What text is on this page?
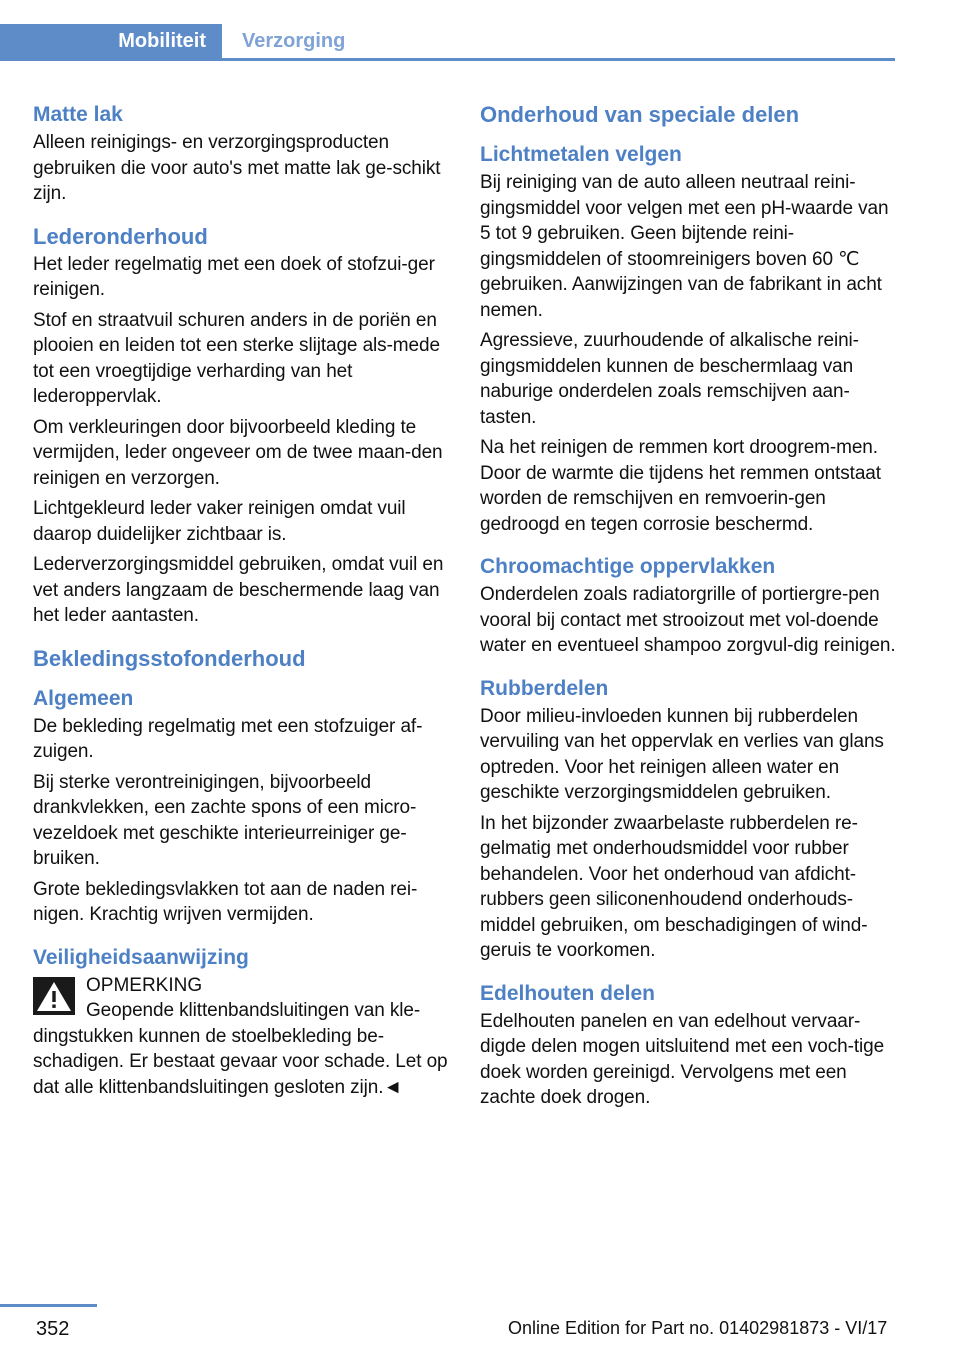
Mobiliteit	Verzorging
Matte lak

Alleen reinigings- en verzorgingsproducten gebruiken die voor auto's met matte lak ge-schikt zijn.

Lederonderhoud

Het leder regelmatig met een doek of stofzui-ger reinigen.

Stof en straatvuil schuren anders in de poriën en plooien en leiden tot een sterke slijtage als-mede tot een vroegtijdige verharding van het lederoppervlak.

Om verkleuringen door bijvoorbeeld kleding te vermijden, leder ongeveer om de twee maan-den reinigen en verzorgen.

Lichtgekleurd leder vaker reinigen omdat vuil daarop duidelijker zichtbaar is.

Lederverzorgingsmiddel gebruiken, omdat vuil en vet anders langzaam de beschermende laag van het leder aantasten.

Bekledingsstofonderhoud
Algemeen

De bekleding regelmatig met een stofzuiger af-zuigen.

Bij sterke verontreinigingen, bijvoorbeeld drankvlekken, een zachte spons of een micro-vezeldoek met geschikte interieurreiniger ge-bruiken.

Grote bekledingsvlakken tot aan de naden rei-nigen. Krachtig wrijven vermijden.

Veiligheidsaanwijzing
OPMERKING
Geopende klittenbandsluitingen van kle-dingstukken kunnen de stoelbekleding be-schadigen. Er bestaat gevaar voor schade. Let op dat alle klittenbandsluitingen gesloten zijn.◄
Onderhoud van speciale delen
Lichtmetalen velgen

Bij reiniging van de auto alleen neutraal reini-gingsmiddel voor velgen met een pH-waarde van 5 tot 9 gebruiken. Geen bijtende reini-gingsmiddelen of stoomreinigers boven 60 ℃ gebruiken. Aanwijzingen van de fabrikant in acht nemen.

Agressieve, zuurhoudende of alkalische reini-gingsmiddelen kunnen de beschermlaag van naburige onderdelen zoals remschijven aan-tasten.

Na het reinigen de remmen kort droogrem-men. Door de warmte die tijdens het remmen ontstaat worden de remschijven en remvoerin-gen gedroogd en tegen corrosie beschermd.

Chroomachtige oppervlakken

Onderdelen zoals radiatorgrille of portiergre-pen vooral bij contact met strooizout met vol-doende water en eventueel shampoo zorgvul-dig reinigen.

Rubberdelen

Door milieu-invloeden kunnen bij rubberdelen vervuiling van het oppervlak en verlies van glans optreden. Voor het reinigen alleen water en geschikte verzorgingsmiddelen gebruiken.

In het bijzonder zwaarbelaste rubberdelen re-gelmatig met onderhoudsmiddel voor rubber behandelen. Voor het onderhoud van afdicht-rubbers geen siliconenhoudend onderhouds-middel gebruiken, om beschadigingen of wind-geruis te voorkomen.

Edelhouten delen

Edelhouten panelen en van edelhout vervaar-digde delen mogen uitsluitend met een voch-tige doek worden gereinigd. Vervolgens met een zachte doek drogen.

352	Online Edition for Part no. 01402981873 - VI/17
